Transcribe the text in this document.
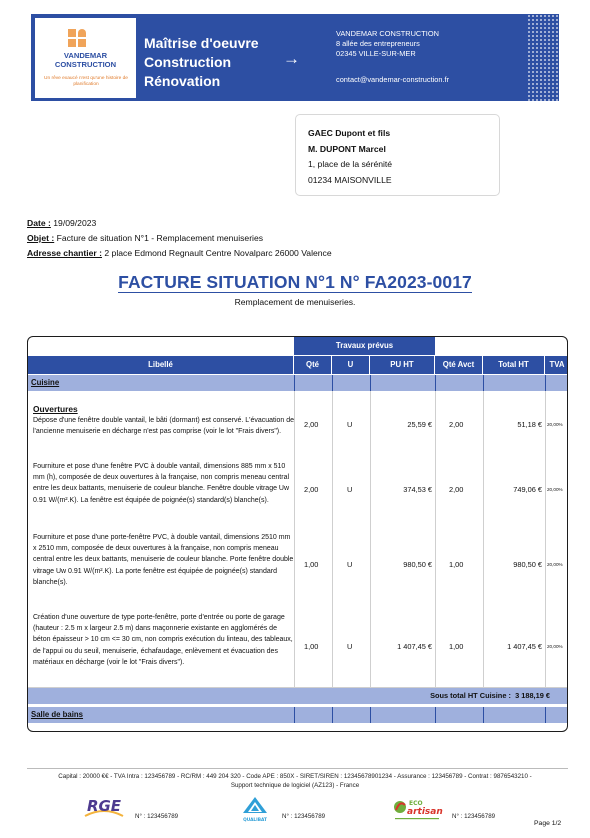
VANDEMAR
CONSTRUCTION
Un rêve exaucé n'est qu'une histoire de planification
Maîtrise d'oeuvre
Construction
Rénovation
→
VANDEMAR CONSTRUCTION
8 allée des entrepreneurs
02345 VILLE-SUR-MER
contact@vandemar-construction.fr
GAEC Dupont et fils
M. DUPONT Marcel
1, place de la sérénité
01234 MAISONVILLE
Date : 19/09/2023
Objet : Facture de situation N°1 - Remplacement menuiseries
Adresse chantier : 2 place Edmond Regnault Centre Novalparc 26000 Valence
FACTURE SITUATION N°1 N° FA2023-0017
Remplacement de menuiseries.
Travaux prévus
Libellé	Qté	U	PU HT	Qté Avct	Total HT	TVA
Cuisine
Ouvertures
Dépose d'une fenêtre double vantail, le bâti (dormant) est conservé. L'évacuation de l'ancienne menuiserie en décharge n'est pas comprise (voir le lot "Frais divers").
2,00	U	25,59 € 2,00	51,18 € 20,00%
Fourniture et pose d'une fenêtre PVC à double vantail, dimensions 885 mm x 510 mm (h), composée de deux ouvertures à la française, non compris meneau central entre les deux battants, menuiserie de couleur blanche. Fenêtre double vitrage Uw 0.91 W/(m².K). La fenêtre est équipée de poignée(s) standard(s) blanche(s).
2,00	U	374,53 € 2,00	749,06 € 20,00%
Fourniture et pose d'une porte-fenêtre PVC, à double vantail, dimensions 2510 mm x 2510 mm, composée de deux ouvertures à la française, non compris meneau central entre les deux battants, menuiserie de couleur blanche. Porte fenêtre double vitrage Uw 0.91 W/(m².K). La porte fenêtre est équipée de poignée(s) standard blanche(s).
1,00	U	980,50 € 1,00	980,50 € 20,00%
Création d'une ouverture de type porte-fenêtre, porte d'entrée ou porte de garage (hauteur : 2.5 m x largeur 2.5 m) dans maçonnerie existante en agglomérés de béton épaisseur > 10 cm <= 30 cm, non compris exécution du linteau, des tableaux, de l'appui ou du seuil, menuiserie, échafaudage, enlèvement et évacuation des matériaux en décharge (voir le lot "Frais divers").
1,00	U	1 407,45 € 1,00	1 407,45 € 20,00%
Sous total HT Cuisine : 3 188,19 €
Salle de bains
Capital : 20000 €€ - TVA Intra : 123456789 - RC/RM : 449 204 320 - Code APE : 850X - SIRET/SIREN : 12345678901234 - Assurance : 123456789 - Contrat : 9876543210 -
Support technique de logiciel (AZ123) - France
RGE
N° : 123456789
QUALIBAT
N° : 123456789
ECO
artisan N° : 123456789
Page 1/2
